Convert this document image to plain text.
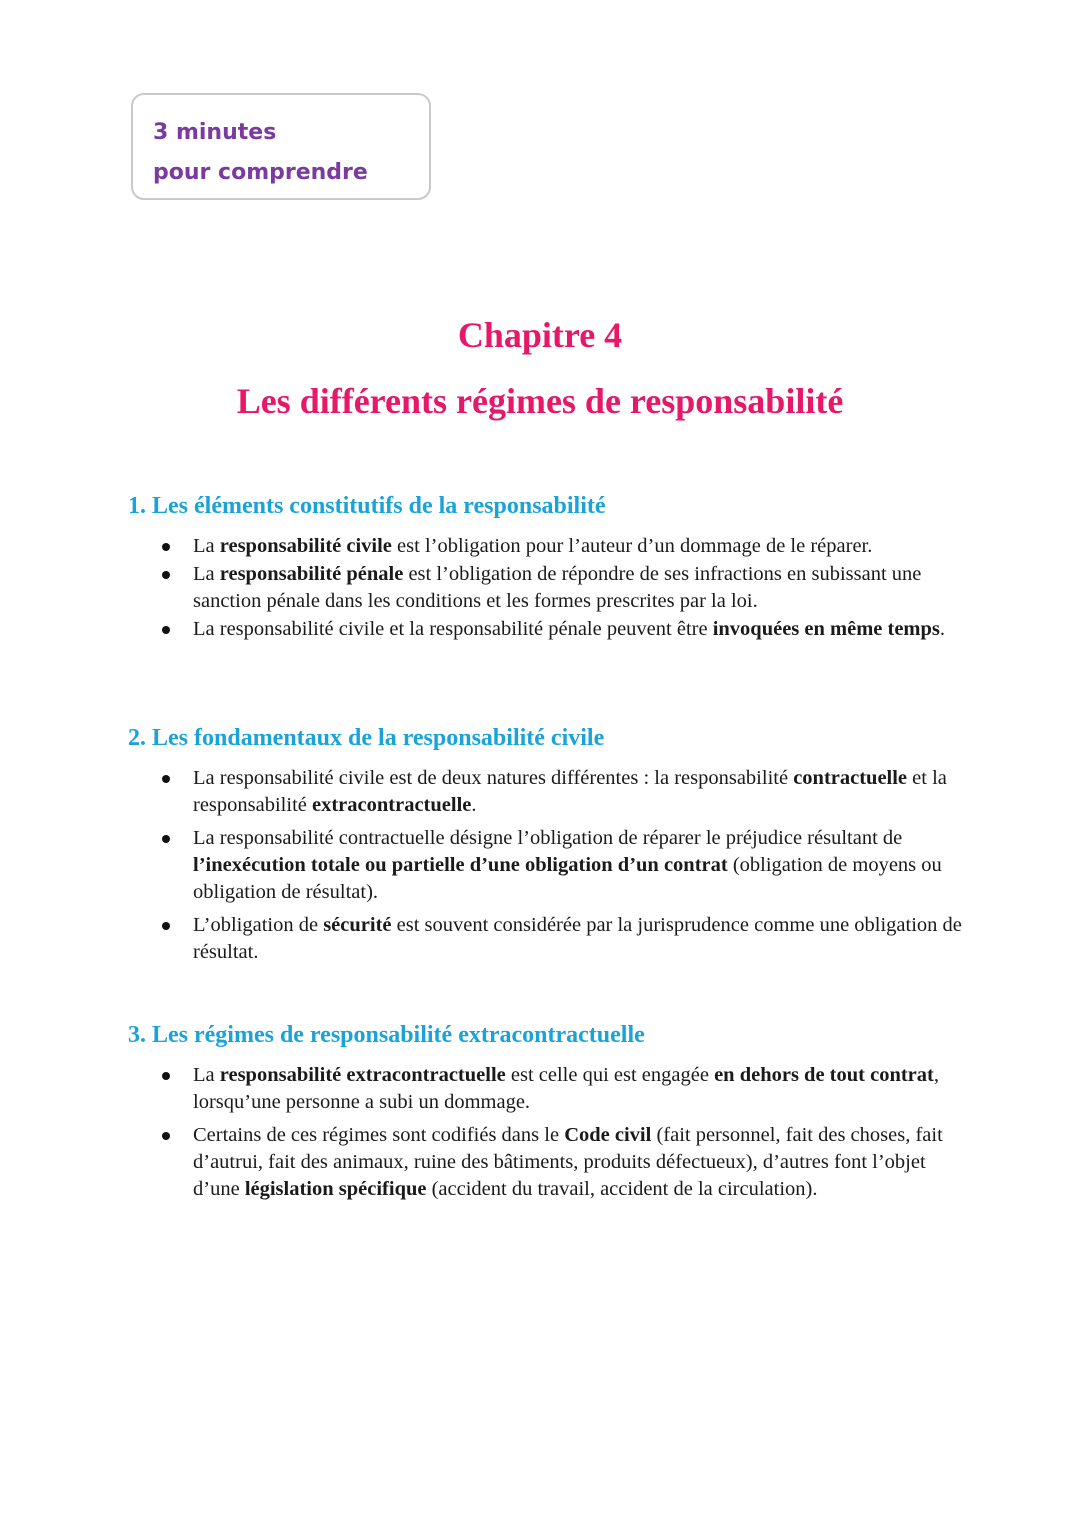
3 minutes
pour comprendre
Chapitre 4
Les différents régimes de responsabilité
1. Les éléments constitutifs de la responsabilité
La responsabilité civile est l’obligation pour l’auteur d’un dommage de le réparer.
La responsabilité pénale est l’obligation de répondre de ses infractions en subissant une sanction pénale dans les conditions et les formes prescrites par la loi.
La responsabilité civile et la responsabilité pénale peuvent être invoquées en même temps.
2. Les fondamentaux de la responsabilité civile
La responsabilité civile est de deux natures différentes : la responsabilité contractuelle et la responsabilité extracontractuelle.
La responsabilité contractuelle désigne l’obligation de réparer le préjudice résultant de l’inexécution totale ou partielle d’une obligation d’un contrat (obligation de moyens ou obligation de résultat).
L’obligation de sécurité est souvent considérée par la jurisprudence comme une obligation de résultat.
3. Les régimes de responsabilité extracontractuelle
La responsabilité extracontractuelle est celle qui est engagée en dehors de tout contrat, lorsqu’une personne a subi un dommage.
Certains de ces régimes sont codifiés dans le Code civil (fait personnel, fait des choses, fait d’autrui, fait des animaux, ruine des bâtiments, produits défectueux), d’autres font l’objet d’une législation spécifique (accident du travail, accident de la circulation).
